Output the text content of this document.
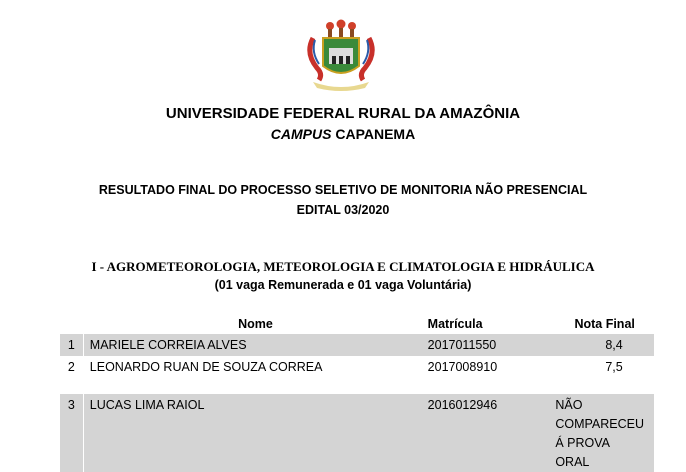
UNIVERSIDADE FEDERAL RURAL DA AMAZÔNIA
CAMPUS CAPANEMA
RESULTADO FINAL DO PROCESSO SELETIVO DE MONITORIA NÃO PRESENCIAL
EDITAL 03/2020
I - AGROMETEOROLOGIA, METEOROLOGIA E CLIMATOLOGIA E HIDRÁULICA
(01 vaga Remunerada e 01 vaga Voluntária)
	Nome	Matrícula	Nota Final
1	MARIELE CORREIA ALVES	2017011550	8,4
2	LEONARDO RUAN DE SOUZA CORREA	2017008910	7,5
3	LUCAS LIMA RAIOL	2016012946	NÃO COMPARECEU Á PROVA ORAL
